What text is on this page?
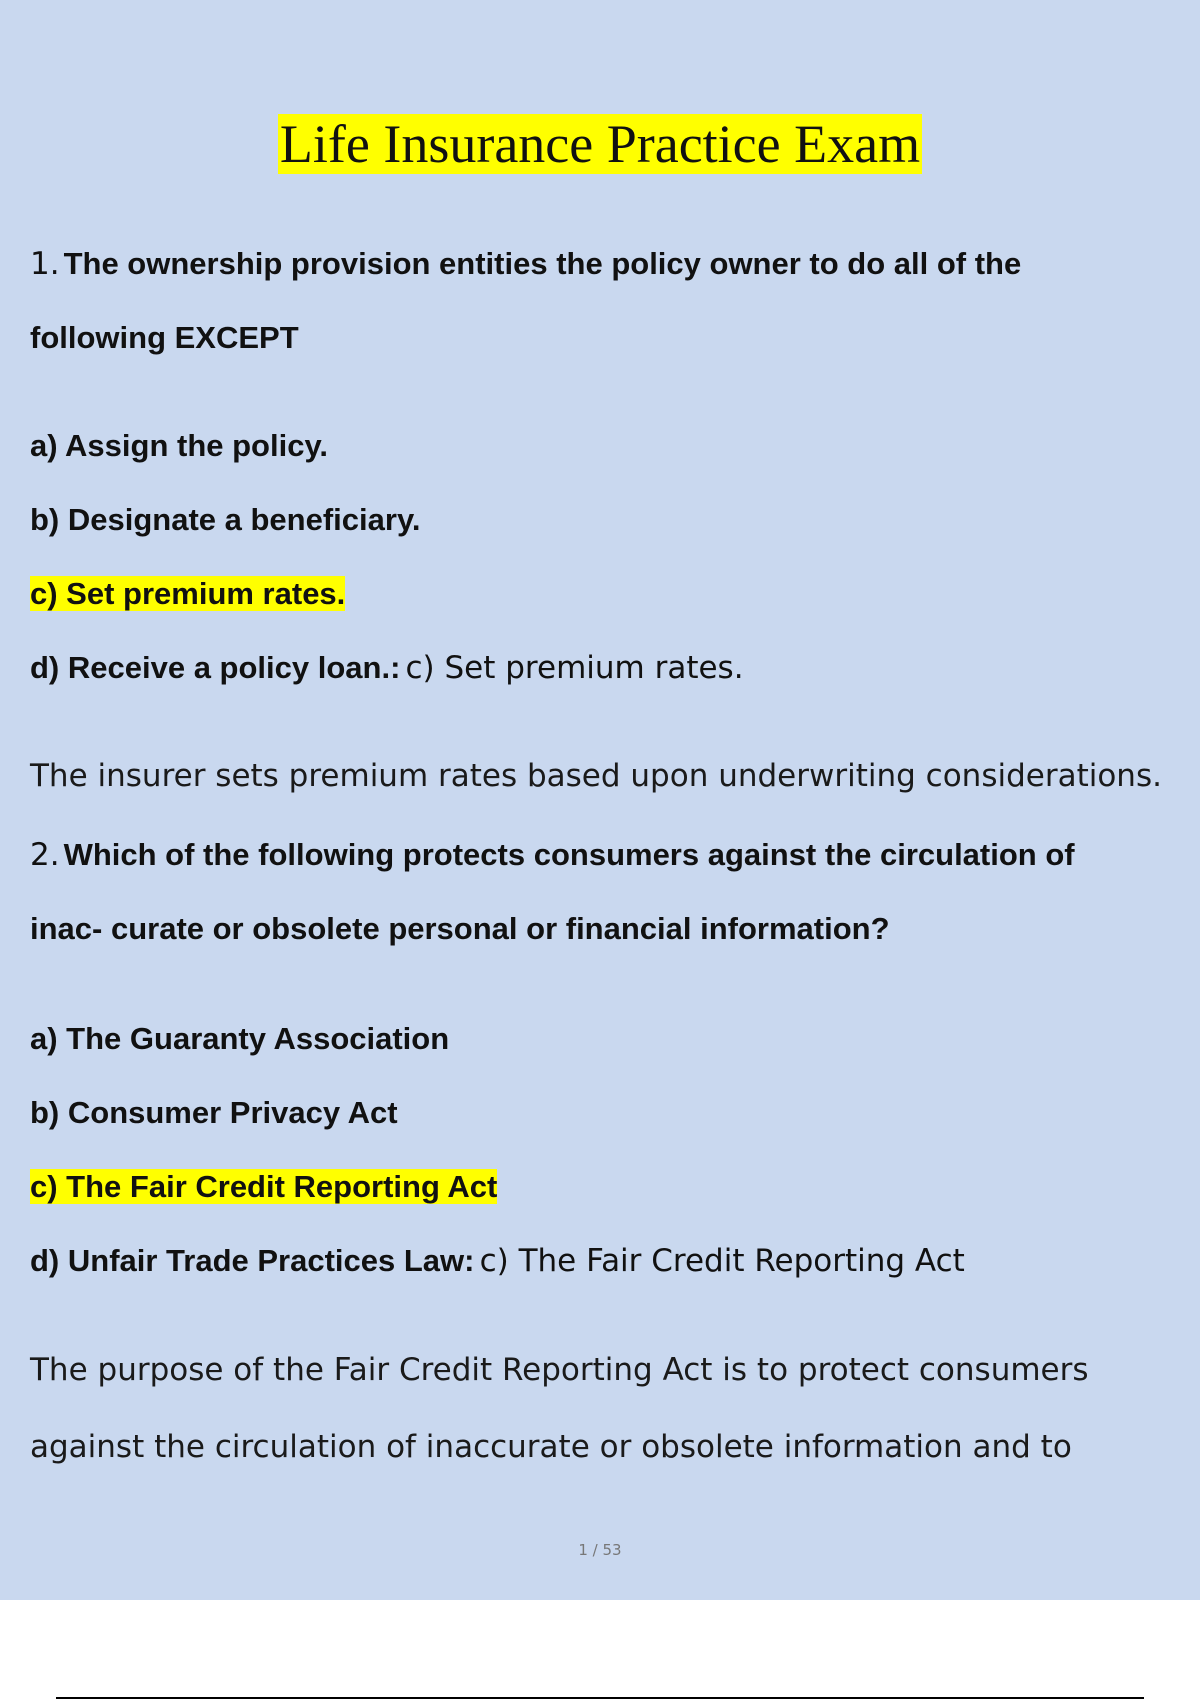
Life Insurance Practice Exam
1. The ownership provision entities the policy owner to do all of the
following EXCEPT
a) Assign the policy.
b) Designate a beneficiary.
c) Set premium rates.
d) Receive a policy loan.: c) Set premium rates.
The insurer sets premium rates based upon underwriting considerations.
2. Which of the following protects consumers against the circulation of
inac- curate or obsolete personal or financial information?
a) The Guaranty Association
b) Consumer Privacy Act
c) The Fair Credit Reporting Act
d) Unfair Trade Practices Law: c) The Fair Credit Reporting Act
The purpose of the Fair Credit Reporting Act is to protect consumers
against the circulation of inaccurate or obsolete information and to
1 / 53
